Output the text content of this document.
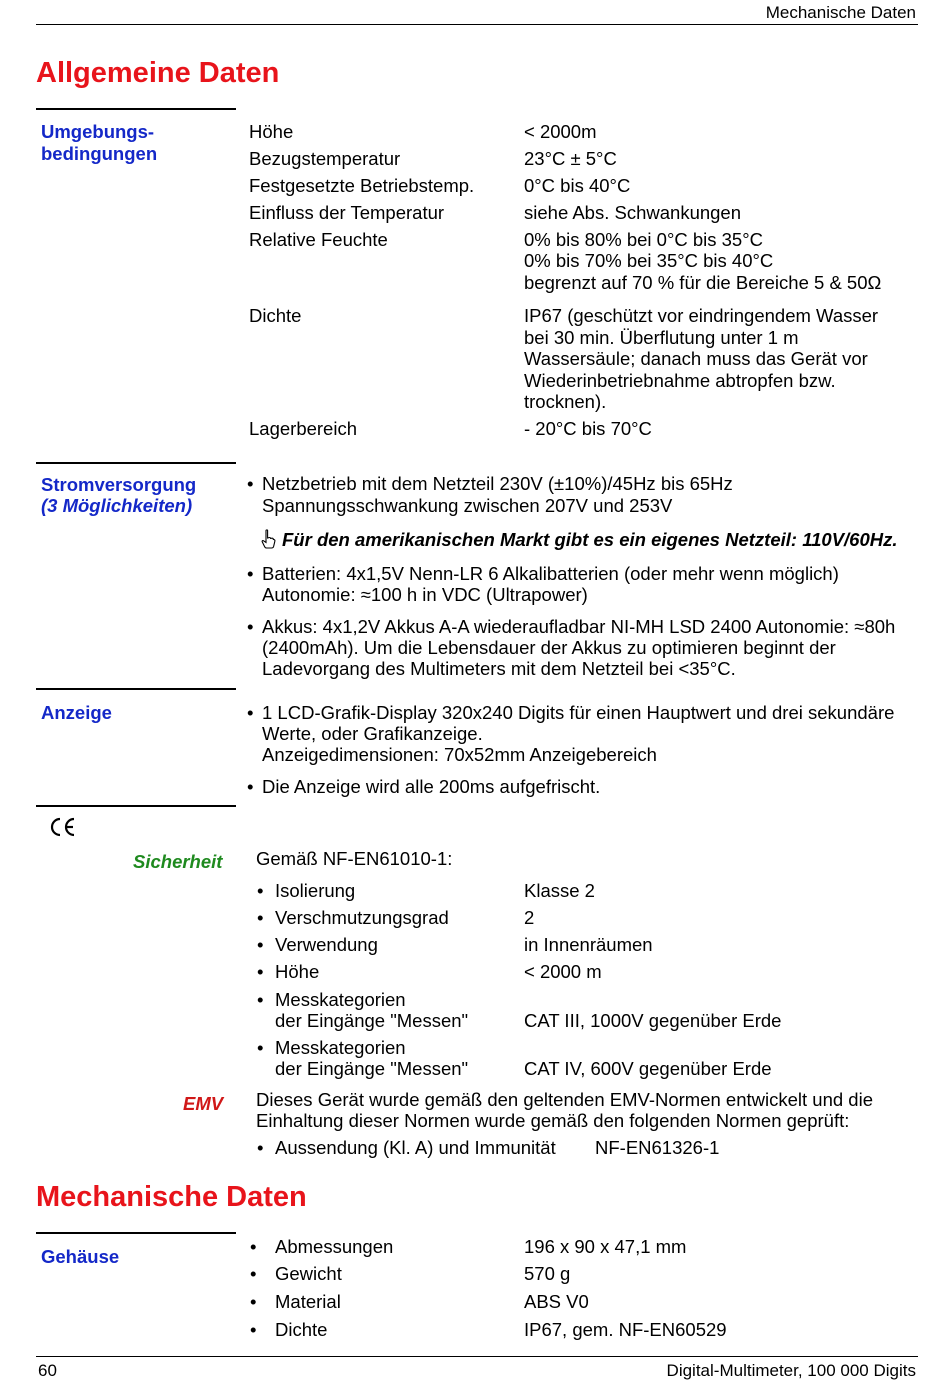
Mechanische Daten
Allgemeine Daten
Umgebungs-
bedingungen
Höhe	< 2000m
Bezugstemperatur	23°C ± 5°C
Festgesetzte Betriebstemp.	0°C bis 40°C
Einfluss der Temperatur	siehe Abs. Schwankungen
Relative Feuchte	0% bis 80% bei 0°C bis 35°C
0% bis 70% bei 35°C bis 40°C
begrenzt auf 70 % für die Bereiche 5 & 50Ω
Dichte	IP67 (geschützt vor eindringendem Wasser
bei 30 min. Überflutung unter 1 m
Wassersäule; danach muss das Gerät vor
Wiederinbetriebnahme abtropfen bzw.
trocknen).
Lagerbereich	- 20°C bis 70°C
Stromversorgung
(3 Möglichkeiten)
• Netzbetrieb mit dem Netzteil 230V (±10%)/45Hz bis 65Hz
Spannungsschwankung zwischen 207V und 253V
Für den amerikanischen Markt gibt es ein eigenes Netzteil: 110V/60Hz.
• Batterien: 4x1,5V Nenn-LR 6 Alkalibatterien (oder mehr wenn möglich)
Autonomie: ≈100 h in VDC (Ultrapower)
• Akkus: 4x1,2V Akkus A-A wiederaufladbar NI-MH LSD 2400 Autonomie: ≈80h
(2400mAh). Um die Lebensdauer der Akkus zu optimieren beginnt der
Ladevorgang des Multimeters mit dem Netzteil bei <35°C.
Anzeige	• 1 LCD-Grafik-Display 320x240 Digits für einen Hauptwert und drei sekundäre
Werte, oder Grafikanzeige.
Anzeigedimensionen: 70x52mm Anzeigebereich
• Die Anzeige wird alle 200ms aufgefrischt.
Sicherheit Gemäß NF-EN61010-1:
• Isolierung	Klasse 2
• Verschmutzungsgrad	2
• Verwendung	in Innenräumen
• Höhe	< 2000 m
• Messkategorien
der Eingänge "Messen"	CAT III, 1000V gegenüber Erde
• Messkategorien
der Eingänge "Messen"	CAT IV, 600V gegenüber Erde
EMV Dieses Gerät wurde gemäß den geltenden EMV-Normen entwickelt und die
Einhaltung dieser Normen wurde gemäß den folgenden Normen geprüft:
• Aussendung (Kl. A) und Immunität NF-EN61326-1
Mechanische Daten
Gehäuse	• Abmessungen	196 x 90 x 47,1 mm
• Gewicht	570 g
• Material	ABS V0
• Dichte	IP67, gem. NF-EN60529
60	Digital-Multimeter, 100 000 Digits
